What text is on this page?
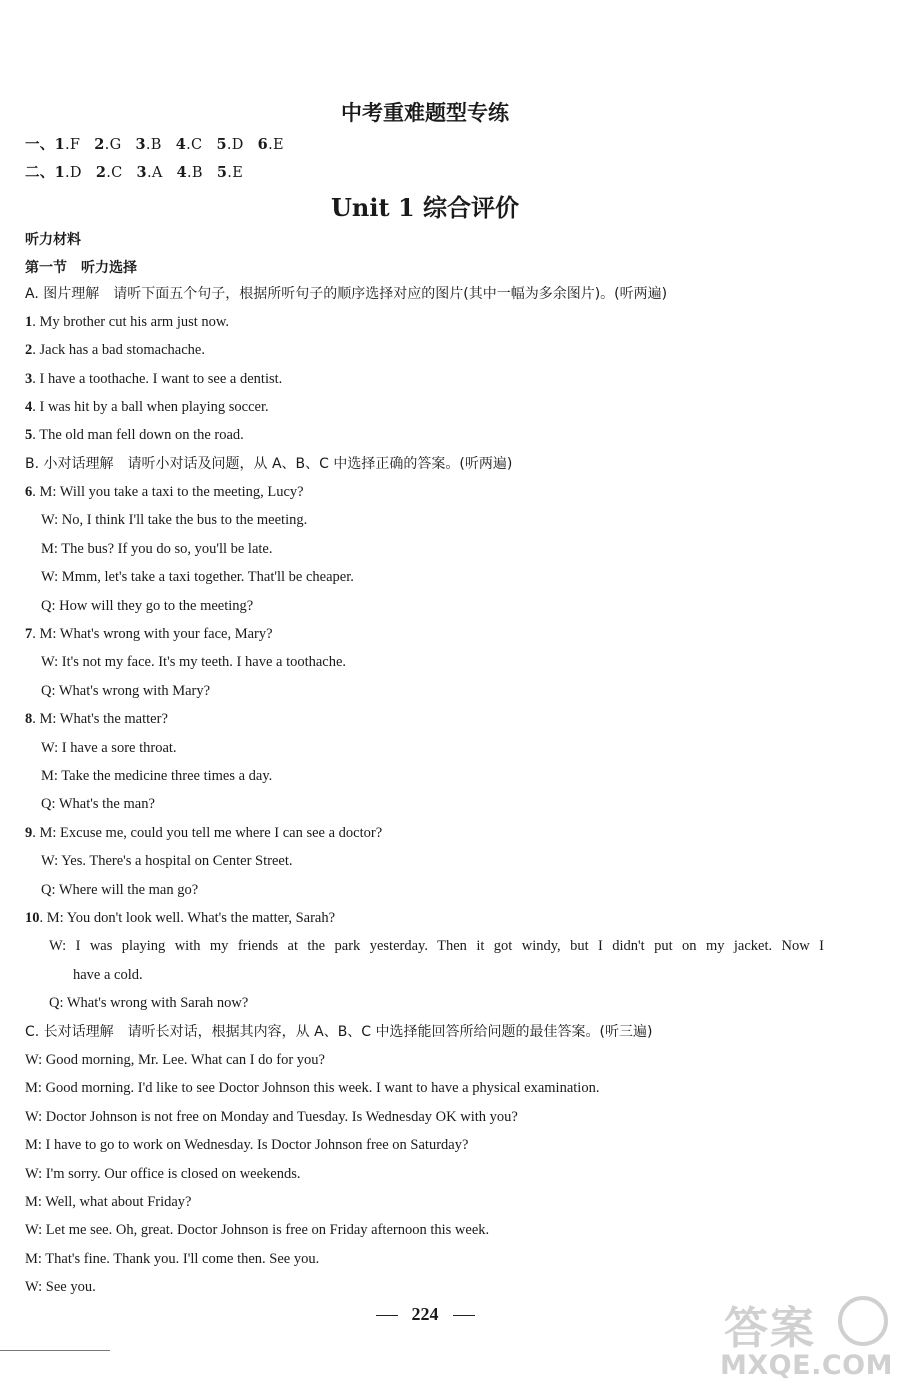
中考重难题型专练
一、1.F 2.G 3.B 4.C 5.D 6.E
二、1.D 2.C 3.A 4.B 5.E
Unit 1 综合评价
听力材料
第一节　听力选择
A. 图片理解　请听下面五个句子，根据所听句子的顺序选择对应的图片(其中一幅为多余图片)。(听两遍)
1. My brother cut his arm just now.
2. Jack has a bad stomachache.
3. I have a toothache. I want to see a dentist.
4. I was hit by a ball when playing soccer.
5. The old man fell down on the road.
B. 小对话理解　请听小对话及问题，从 A、B、C 中选择正确的答案。(听两遍)
6. M: Will you take a taxi to the meeting, Lucy?
W: No, I think I'll take the bus to the meeting.
M: The bus? If you do so, you'll be late.
W: Mmm, let's take a taxi together. That'll be cheaper.
Q: How will they go to the meeting?
7. M: What's wrong with your face, Mary?
W: It's not my face. It's my teeth. I have a toothache.
Q: What's wrong with Mary?
8. M: What's the matter?
W: I have a sore throat.
M: Take the medicine three times a day.
Q: What's the man?
9. M: Excuse me, could you tell me where I can see a doctor?
W: Yes. There's a hospital on Center Street.
Q: Where will the man go?
10. M: You don't look well. What's the matter, Sarah?
W: I was playing with my friends at the park yesterday. Then it got windy, but I didn't put on my jacket. Now I
have a cold.
Q: What's wrong with Sarah now?
C. 长对话理解　请听长对话，根据其内容，从 A、B、C 中选择能回答所给问题的最佳答案。(听三遍)
W: Good morning, Mr. Lee. What can I do for you?
M: Good morning. I'd like to see Doctor Johnson this week. I want to have a physical examination.
W: Doctor Johnson is not free on Monday and Tuesday. Is Wednesday OK with you?
M: I have to go to work on Wednesday. Is Doctor Johnson free on Saturday?
W: I'm sorry. Our office is closed on weekends.
M: Well, what about Friday?
W: Let me see. Oh, great. Doctor Johnson is free on Friday afternoon this week.
M: That's fine. Thank you. I'll come then. See you.
W: See you.
224	答案
MXQE.COM
